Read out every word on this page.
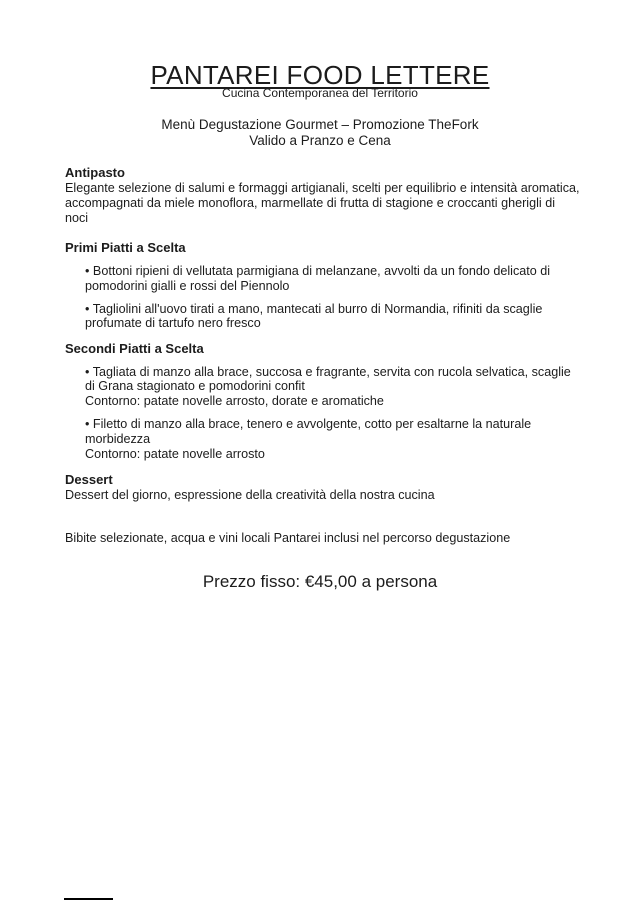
PANTAREI FOOD LETTERE
Cucina Contemporanea del Territorio
Menù Degustazione Gourmet – Promozione TheFork
Valido a Pranzo e Cena
Antipasto

Elegante selezione di salumi e formaggi artigianali, scelti per equilibrio e intensità aromatica, accompagnati da miele monoflora, marmellate di frutta di stagione e croccanti gherigli di noci

Primi Piatti a Scelta
• Bottoni ripieni di vellutata parmigiana di melanzane, avvolti da un fondo delicato di pomodorini gialli e rossi del Piennolo
• Tagliolini all'uovo tirati a mano, mantecati al burro di Normandia, rifiniti da scaglie profumate di tartufo nero fresco
Secondi Piatti a Scelta
• Tagliata di manzo alla brace, succosa e fragrante, servita con rucola selvatica, scaglie di Grana stagionato e pomodorini confit
Contorno: patate novelle arrosto, dorate e aromatiche
• Filetto di manzo alla brace, tenero e avvolgente, cotto per esaltarne la naturale morbidezza
Contorno: patate novelle arrosto
Dessert

Dessert del giorno, espressione della creatività della nostra cucina

Bibite selezionate, acqua e vini locali Pantarei inclusi nel percorso degustazione

Prezzo fisso: €45,00 a persona
